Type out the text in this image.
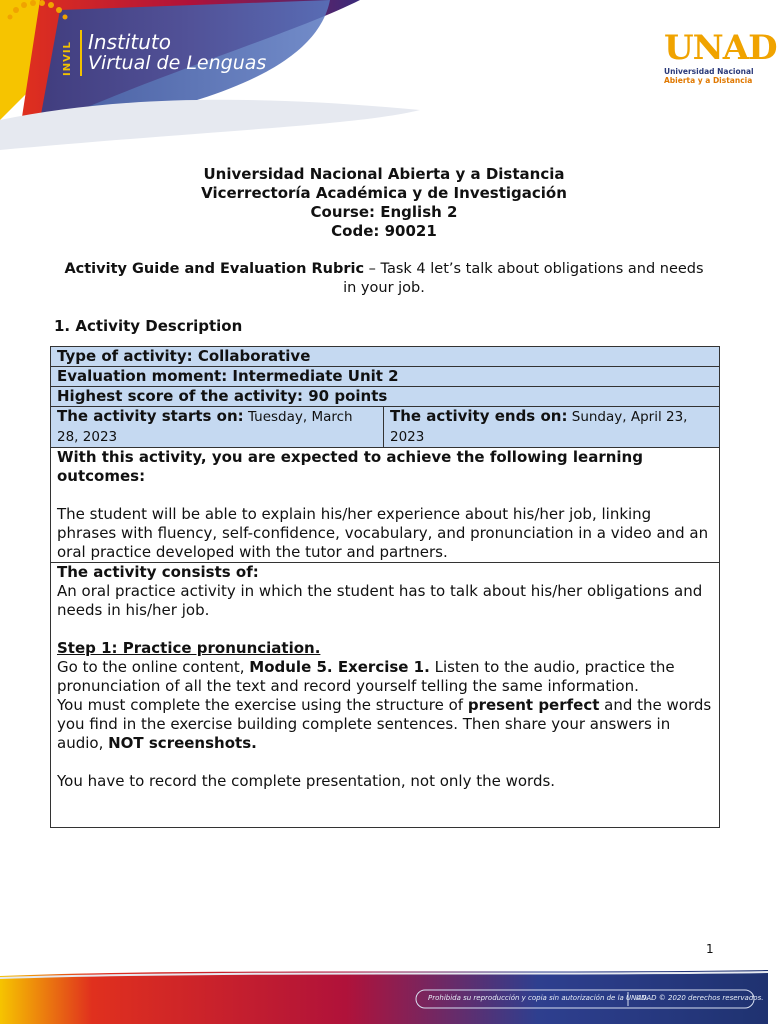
INVIL Instituto
Virtual de Lenguas	UNAD
Universidad Nacional
Abierta y a Distancia
Universidad Nacional Abierta y a Distancia
Vicerrectoría Académica y de Investigación
Course: English 2
Code: 90021
Activity Guide and Evaluation Rubric – Task 4 let’s talk about obligations and needs in your job.
1. Activity Description
Type of activity: Collaborative
Evaluation moment: Intermediate Unit 2
Highest score of the activity: 90 points
The activity starts on: Tuesday, March 28, 2023	The activity ends on: Sunday, April 23, 2023

With this activity, you are expected to achieve the following learning outcomes:
The student will be able to explain his/her experience about his/her job, linking phrases with fluency, self-confidence, vocabulary, and pronunciation in a video and an oral practice developed with the tutor and partners.

The activity consists of:
An oral practice activity in which the student has to talk about his/her obligations and needs in his/her job.
Step 1: Practice pronunciation.
Go to the online content, Module 5. Exercise 1. Listen to the audio, practice the pronunciation of all the text and record yourself telling the same information.
You must complete the exercise using the structure of present perfect and the words you find in the exercise building complete sentences. Then share your answers in audio, NOT screenshots.
You have to record the complete presentation, not only the words.
1
Prohibida su reproducción y copia sin autorización de la UNAD.
UNAD © 2020 derechos reservados.
